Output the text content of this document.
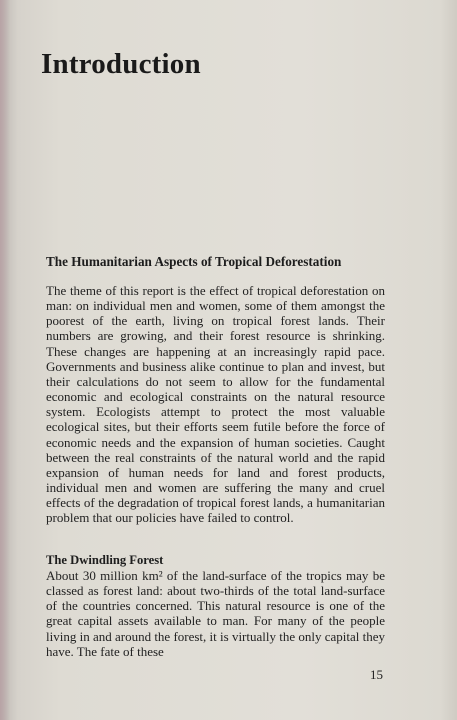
Introduction
The Humanitarian Aspects of Tropical Deforestation

The theme of this report is the effect of tropical deforestation on man: on individual men and women, some of them amongst the poorest of the earth, living on tropical forest lands. Their numbers are growing, and their forest resource is shrinking. These changes are happening at an increasingly rapid pace. Governments and business alike continue to plan and invest, but their calculations do not seem to allow for the fundamental economic and ecological constraints on the natural resource system. Ecologists attempt to protect the most valuable ecological sites, but their efforts seem futile before the force of economic needs and the expansion of human societies. Caught between the real constraints of the natural world and the rapid expansion of human needs for land and forest products, individual men and women are suffering the many and cruel effects of the degradation of tropical forest lands, a humanitarian problem that our policies have failed to control.

The Dwindling Forest

About 30 million km² of the land-surface of the tropics may be classed as forest land: about two-thirds of the total land-surface of the countries concerned. This natural resource is one of the great capital assets available to man. For many of the people living in and around the forest, it is virtually the only capital they have. The fate of these

15
